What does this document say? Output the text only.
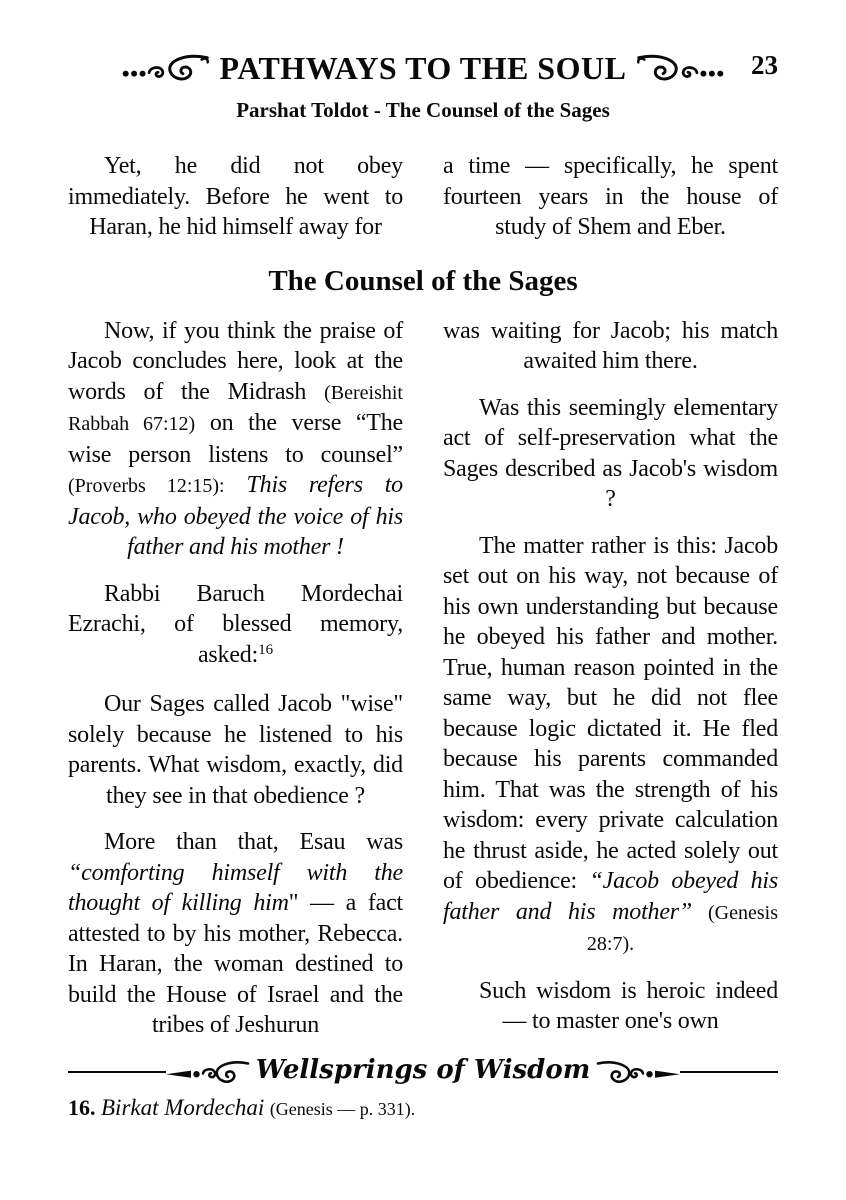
PATHWAYS TO THE SOUL	23
Parshat Toldot - The Counsel of the Sages

Yet, he did not obey immediately. Before he went to Haran, he hid himself away for

a time — specifically, he spent fourteen years in the house of study of Shem and Eber.

The Counsel of the Sages

Now, if you think the praise of Jacob concludes here, look at the words of the Midrash (Bereishit Rabbah 67:12) on the verse “The wise person listens to counsel” (Proverbs 12:15): This refers to Jacob, who obeyed the voice of his father and his mother !

Rabbi Baruch Mordechai Ezrachi, of blessed memory, asked:$^{16}$

Our Sages called Jacob "wise" solely because he listened to his parents. What wisdom, exactly, did they see in that obedience ?

More than that, Esau was “comforting himself with the thought of killing him" — a fact attested to by his mother, Rebecca. In Haran, the woman destined to build the House of Israel and the tribes of Jeshurun

was waiting for Jacob; his match awaited him there.

Was this seemingly elementary act of self-preservation what the Sages described as Jacob's wisdom ?

The matter rather is this: Jacob set out on his way, not because of his own understanding but because he obeyed his father and mother. True, human reason pointed in the same way, but he did not flee because logic dictated it. He fled because his parents commanded him. That was the strength of his wisdom: every private calculation he thrust aside, he acted solely out of obedience: “Jacob obeyed his father and his mother” (Genesis 28:7).

Such wisdom is heroic indeed — to master one's own

Wellsprings of Wisdom
16. Birkat Mordechai (Genesis — p. 331).
